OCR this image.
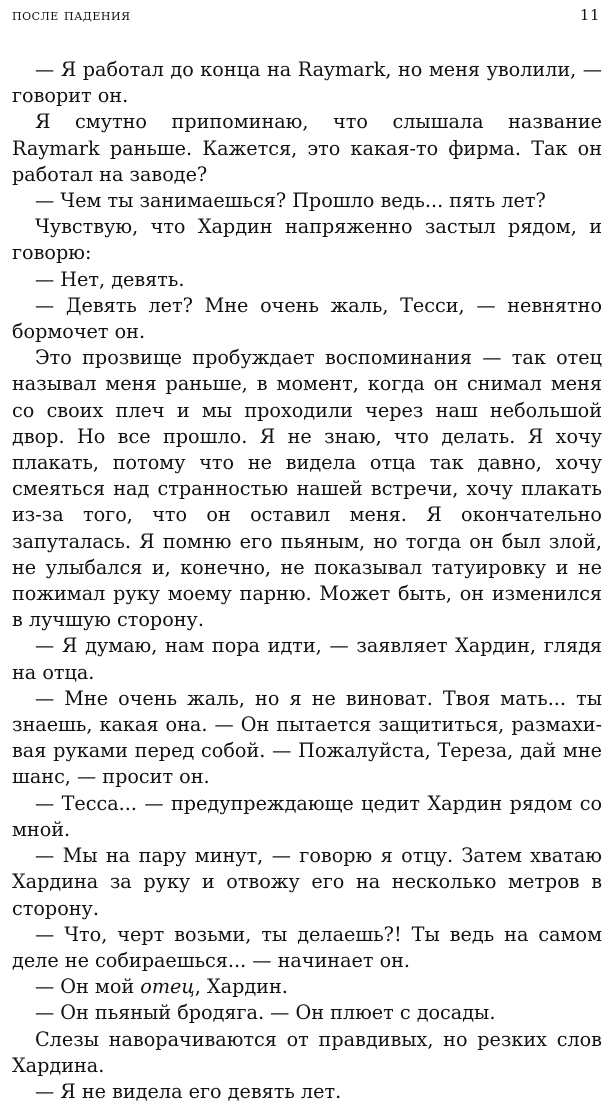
после падения	11

— Я работал до конца на Raymark, но меня уволили, — говорит он.

Я смутно припоминаю, что слышала название Raymark раньше. Кажется, это какая-то фирма. Так он работал на заводе?

— Чем ты занимаешься? Прошло ведь... пять лет?

Чувствую, что Хардин напряженно застыл рядом, и говорю:

— Нет, девять.

— Девять лет? Мне очень жаль, Тесси, — невнятно бормочет он.

Это прозвище пробуждает воспоминания — так отец называл меня раньше, в момент, когда он снимал меня со своих плеч и мы проходили через наш небольшой двор. Но все прошло. Я не знаю, что делать. Я хочу плакать, потому что не видела отца так давно, хочу смеяться над странностью нашей встречи, хочу плакать из-за того, что он оставил меня. Я окончательно запуталась. Я помню его пьяным, но тогда он был злой, не улыбался и, конечно, не показывал татуировку и не пожимал руку моему парню. Может быть, он изменился в лучшую сторону.

— Я думаю, нам пора идти, — заявляет Хардин, глядя на отца.

— Мне очень жаль, но я не виноват. Твоя мать... ты знаешь, какая она. — Он пытается защититься, размахивая руками перед собой. — Пожалуйста, Тереза, дай мне шанс, — просит он.

— Тесса... — предупреждающе цедит Хардин рядом со мной.

— Мы на пару минут, — говорю я отцу. Затем хватаю Хардина за руку и отвожу его на несколько метров в сторону.

— Что, черт возьми, ты делаешь?! Ты ведь на самом деле не собираешься... — начинает он.

— Он мой отец, Хардин.

— Он пьяный бродяга. — Он плюет с досады.

Слезы наворачиваются от правдивых, но резких слов Хардина.

— Я не видела его девять лет.
